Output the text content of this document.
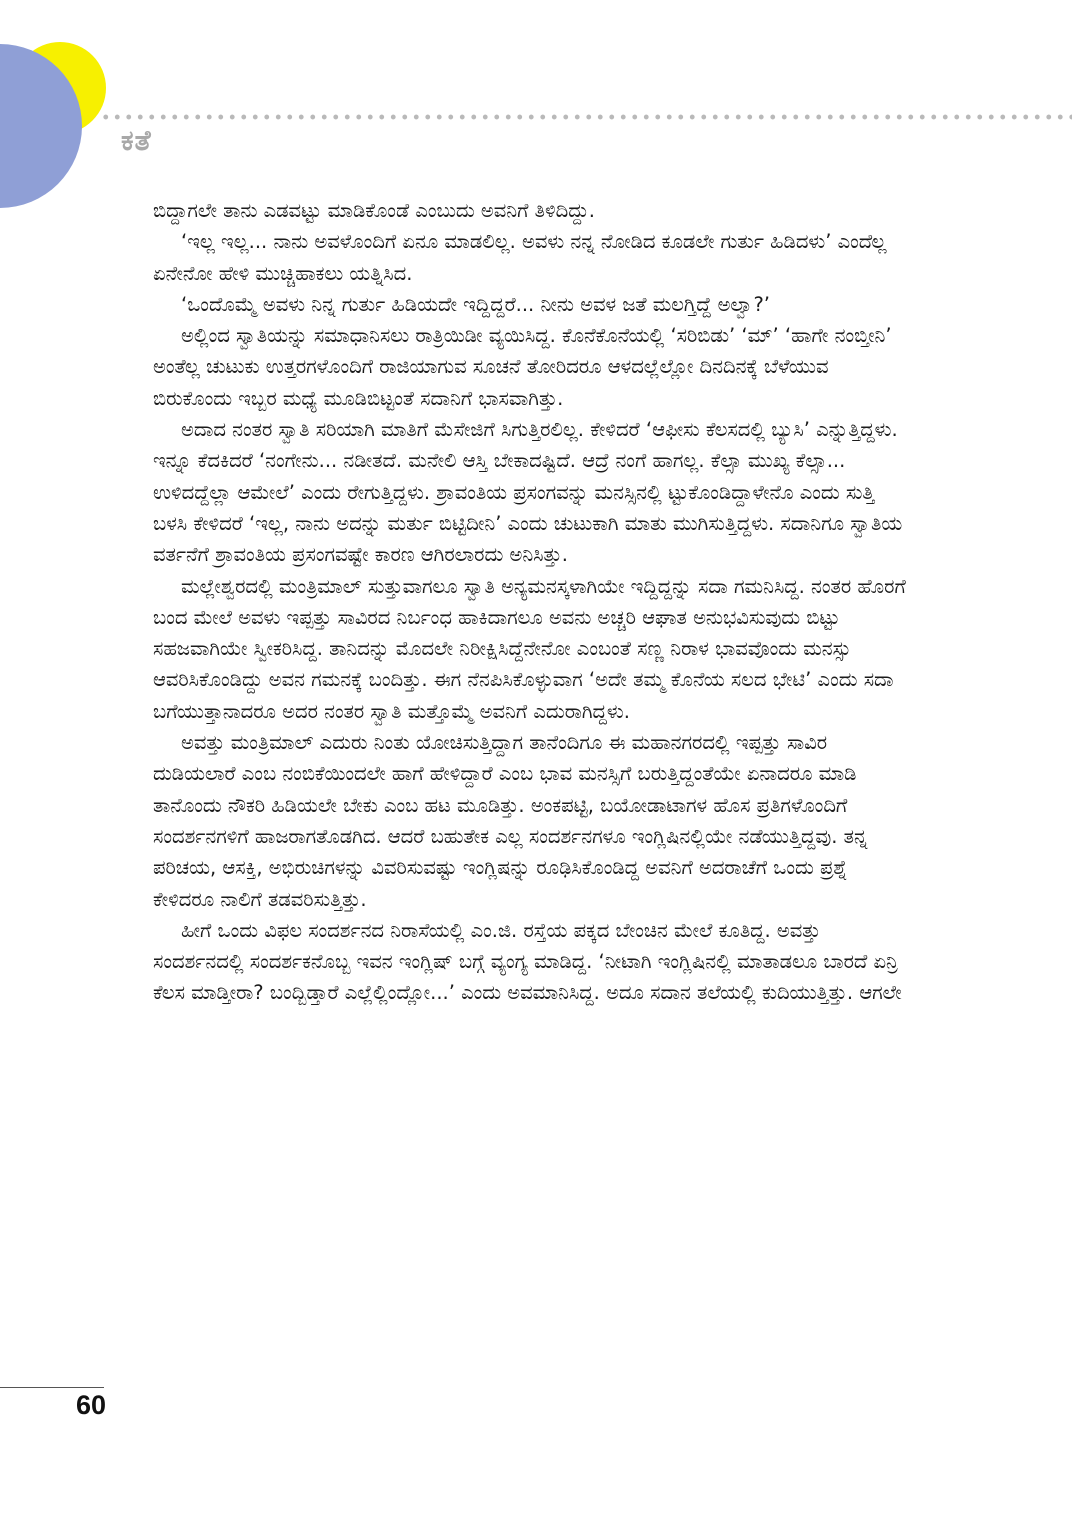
ಕತೆ

ಬಿದ್ದಾಗಲೇ ತಾನು ಎಡವಟ್ಟು ಮಾಡಿಕೊಂಡೆ ಎಂಬುದು ಅವನಿಗೆ ತಿಳಿದಿದ್ದು.

‘ಇಲ್ಲ ಇಲ್ಲ... ನಾನು ಅವಳೊಂದಿಗೆ ಏನೂ ಮಾಡಲಿಲ್ಲ. ಅವಳು ನನ್ನ ನೋಡಿದ ಕೂಡಲೇ ಗುರ್ತು ಹಿಡಿದಳು’ ಎಂದೆಲ್ಲ ಏನೇನೋ ಹೇಳಿ ಮುಚ್ಚಿಹಾಕಲು ಯತ್ನಿಸಿದ.

‘ಒಂದೊಮ್ಮೆ ಅವಳು ನಿನ್ನ ಗುರ್ತು ಹಿಡಿಯದೇ ಇದ್ದಿದ್ದರೆ... ನೀನು ಅವಳ ಜತೆ ಮಲಗ್ತಿದ್ದೆ ಅಲ್ವಾ?’

ಅಲ್ಲಿಂದ ಸ್ವಾತಿಯನ್ನು ಸಮಾಧಾನಿಸಲು ರಾತ್ರಿಯಿಡೀ ವ್ಯಯಿಸಿದ್ದ. ಕೊನೆಕೊನೆಯಲ್ಲಿ ‘ಸರಿಬಿಡು’ ‘ಮ್’ ‘ಹಾಗೇ ನಂಬ್ತೀನಿ’ ಅಂತೆಲ್ಲ ಚುಟುಕು ಉತ್ತರಗಳೊಂದಿಗೆ ರಾಜಿಯಾಗುವ ಸೂಚನೆ ತೋರಿದರೂ ಆಳದಲ್ಲೆಲ್ಲೋ ದಿನದಿನಕ್ಕೆ ಬೆಳೆಯುವ ಬಿರುಕೊಂದು ಇಬ್ಬರ ಮಧ್ಯೆ ಮೂಡಿಬಿಟ್ಟಂತೆ ಸದಾನಿಗೆ ಭಾಸವಾಗಿತ್ತು.

ಅದಾದ ನಂತರ ಸ್ವಾತಿ ಸರಿಯಾಗಿ ಮಾತಿಗೆ ಮೆಸೇಜಿಗೆ ಸಿಗುತ್ತಿರಲಿಲ್ಲ. ಕೇಳಿದರೆ ‘ಆಫೀಸು ಕೆಲಸದಲ್ಲಿ ಬ್ಯುಸಿ’ ಎನ್ನುತ್ತಿದ್ದಳು. ಇನ್ನೂ ಕೆದಕಿದರೆ ‘ನಂಗೇನು... ನಡೀತದೆ. ಮನೇಲಿ ಆಸ್ತಿ ಬೇಕಾದಷ್ಟಿದೆ. ಆದ್ರೆ ನಂಗೆ ಹಾಗಲ್ಲ. ಕೆಲ್ಸಾ ಮುಖ್ಯ ಕೆಲ್ಸಾ... ಉಳಿದದ್ದೆಲ್ಲಾ ಆಮೇಲೆ’ ಎಂದು ರೇಗುತ್ತಿದ್ದಳು. ಶ್ರಾವಂತಿಯ ಪ್ರಸಂಗವನ್ನು ಮನಸ್ಸಿನಲ್ಲಿ ಟ್ಟುಕೊಂಡಿದ್ದಾಳೇನೊ ಎಂದು ಸುತ್ತಿ ಬಳಸಿ ಕೇಳಿದರೆ ‘ಇಲ್ಲ, ನಾನು ಅದನ್ನು ಮರ್ತು ಬಿಟ್ಟಿದೀನಿ’ ಎಂದು ಚುಟುಕಾಗಿ ಮಾತು ಮುಗಿಸುತ್ತಿದ್ದಳು. ಸದಾನಿಗೂ ಸ್ವಾತಿಯ ವರ್ತನೆಗೆ ಶ್ರಾವಂತಿಯ ಪ್ರಸಂಗವಷ್ಟೇ ಕಾರಣ ಆಗಿರಲಾರದು ಅನಿಸಿತ್ತು.

ಮಲ್ಲೇಶ್ವರದಲ್ಲಿ ಮಂತ್ರಿಮಾಲ್ ಸುತ್ತುವಾಗಲೂ ಸ್ವಾತಿ ಅನ್ಯಮನಸ್ಕಳಾಗಿಯೇ ಇದ್ದಿದ್ದನ್ನು ಸದಾ ಗಮನಿಸಿದ್ದ. ನಂತರ ಹೊರಗೆ ಬಂದ ಮೇಲೆ ಅವಳು ಇಪ್ಪತ್ತು ಸಾವಿರದ ನಿರ್ಬಂಧ ಹಾಕಿದಾಗಲೂ ಅವನು ಅಚ್ಚರಿ ಆಘಾತ ಅನುಭವಿಸುವುದು ಬಿಟ್ಟು ಸಹಜವಾಗಿಯೇ ಸ್ವೀಕರಿಸಿದ್ದ. ತಾನಿದನ್ನು ಮೊದಲೇ ನಿರೀಕ್ಷಿಸಿದ್ದೆನೇನೋ ಎಂಬಂತೆ ಸಣ್ಣ ನಿರಾಳ ಭಾವವೊಂದು ಮನಸ್ಸು ಆವರಿಸಿಕೊಂಡಿದ್ದು ಅವನ ಗಮನಕ್ಕೆ ಬಂದಿತ್ತು. ಈಗ ನೆನಪಿಸಿಕೊಳ್ಳುವಾಗ ‘ಅದೇ ತಮ್ಮ ಕೊನೆಯ ಸಲದ ಭೇಟಿ’ ಎಂದು ಸದಾ ಬಗೆಯುತ್ತಾನಾದರೂ ಅದರ ನಂತರ ಸ್ವಾತಿ ಮತ್ತೊಮ್ಮೆ ಅವನಿಗೆ ಎದುರಾಗಿದ್ದಳು.

ಅವತ್ತು ಮಂತ್ರಿಮಾಲ್ ಎದುರು ನಿಂತು ಯೋಚಿಸುತ್ತಿದ್ದಾಗ ತಾನೆಂದಿಗೂ ಈ ಮಹಾನಗರದಲ್ಲಿ ಇಪ್ಪತ್ತು ಸಾವಿರ ದುಡಿಯಲಾರೆ ಎಂಬ ನಂಬಿಕೆಯಿಂದಲೇ ಹಾಗೆ ಹೇಳಿದ್ದಾರೆ ಎಂಬ ಭಾವ ಮನಸ್ಸಿಗೆ ಬರುತ್ತಿದ್ದಂತೆಯೇ ಏನಾದರೂ ಮಾಡಿ ತಾನೊಂದು ನೌಕರಿ ಹಿಡಿಯಲೇ ಬೇಕು ಎಂಬ ಹಟ ಮೂಡಿತ್ತು. ಅಂಕಪಟ್ಟಿ, ಬಯೋಡಾಟಾಗಳ ಹೊಸ ಪ್ರತಿಗಳೊಂದಿಗೆ ಸಂದರ್ಶನಗಳಿಗೆ ಹಾಜರಾಗತೊಡಗಿದ. ಆದರೆ ಬಹುತೇಕ ಎಲ್ಲ ಸಂದರ್ಶನಗಳೂ ಇಂಗ್ಲಿಷಿನಲ್ಲಿಯೇ ನಡೆಯುತ್ತಿದ್ದವು. ತನ್ನ ಪರಿಚಯ, ಆಸಕ್ತಿ, ಅಭಿರುಚಿಗಳನ್ನು ವಿವರಿಸುವಷ್ಟು ಇಂಗ್ಲಿಷನ್ನು ರೂಢಿಸಿಕೊಂಡಿದ್ದ ಅವನಿಗೆ ಅದರಾಚೆಗೆ ಒಂದು ಪ್ರಶ್ನೆ ಕೇಳಿದರೂ ನಾಲಿಗೆ ತಡವರಿಸುತ್ತಿತ್ತು.

ಹೀಗೆ ಒಂದು ವಿಫಲ ಸಂದರ್ಶನದ ನಿರಾಸೆಯಲ್ಲಿ ಎಂ.ಜಿ. ರಸ್ತೆಯ ಪಕ್ಕದ ಬೇಂಚಿನ ಮೇಲೆ ಕೂತಿದ್ದ. ಅವತ್ತು ಸಂದರ್ಶನದಲ್ಲಿ ಸಂದರ್ಶಕನೊಬ್ಬ ಇವನ ಇಂಗ್ಲಿಷ್ ಬಗ್ಗೆ ವ್ಯಂಗ್ಯ ಮಾಡಿದ್ದ. ‘ನೀಟಾಗಿ ಇಂಗ್ಲಿಷಿನಲ್ಲಿ ಮಾತಾಡಲೂ ಬಾರದೆ ಏನ್ರಿ ಕೆಲಸ ಮಾಡ್ತೀರಾ? ಬಂದ್ಬಿಡ್ತಾರೆ ಎಲ್ಲೆಲ್ಲಿಂದ್ಲೋ...’ ಎಂದು ಅವಮಾನಿಸಿದ್ದ. ಅದೂ ಸದಾನ ತಲೆಯಲ್ಲಿ ಕುದಿಯುತ್ತಿತ್ತು. ಆಗಲೇ

60
